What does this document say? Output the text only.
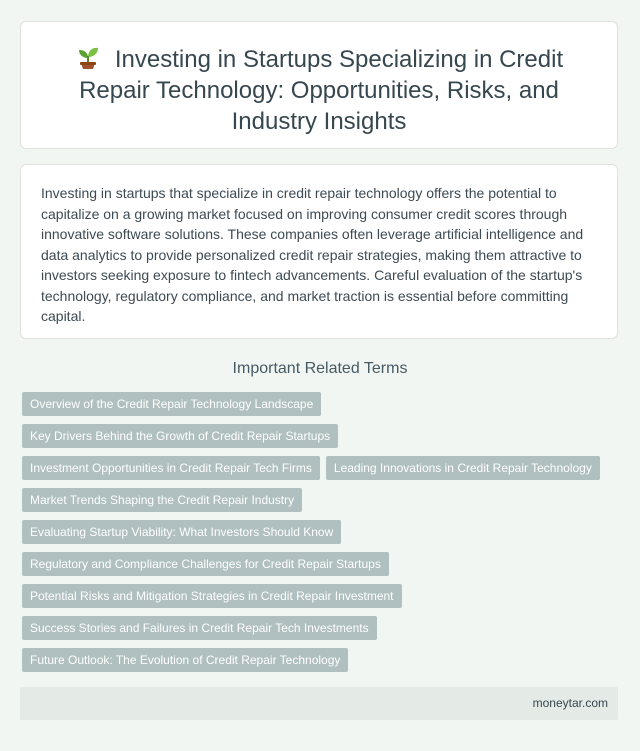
Investing in Startups Specializing in Credit Repair Technology: Opportunities, Risks, and Industry Insights

Investing in startups that specialize in credit repair technology offers the potential to capitalize on a growing market focused on improving consumer credit scores through innovative software solutions. These companies often leverage artificial intelligence and data analytics to provide personalized credit repair strategies, making them attractive to investors seeking exposure to fintech advancements. Careful evaluation of the startup's technology, regulatory compliance, and market traction is essential before committing capital.

Important Related Terms
Overview of the Credit Repair Technology Landscape
Key Drivers Behind the Growth of Credit Repair Startups
Investment Opportunities in Credit Repair Tech Firms	Leading Innovations in Credit Repair Technology
Market Trends Shaping the Credit Repair Industry
Evaluating Startup Viability: What Investors Should Know
Regulatory and Compliance Challenges for Credit Repair Startups
Potential Risks and Mitigation Strategies in Credit Repair Investment
Success Stories and Failures in Credit Repair Tech Investments
Future Outlook: The Evolution of Credit Repair Technology
moneytar.com
